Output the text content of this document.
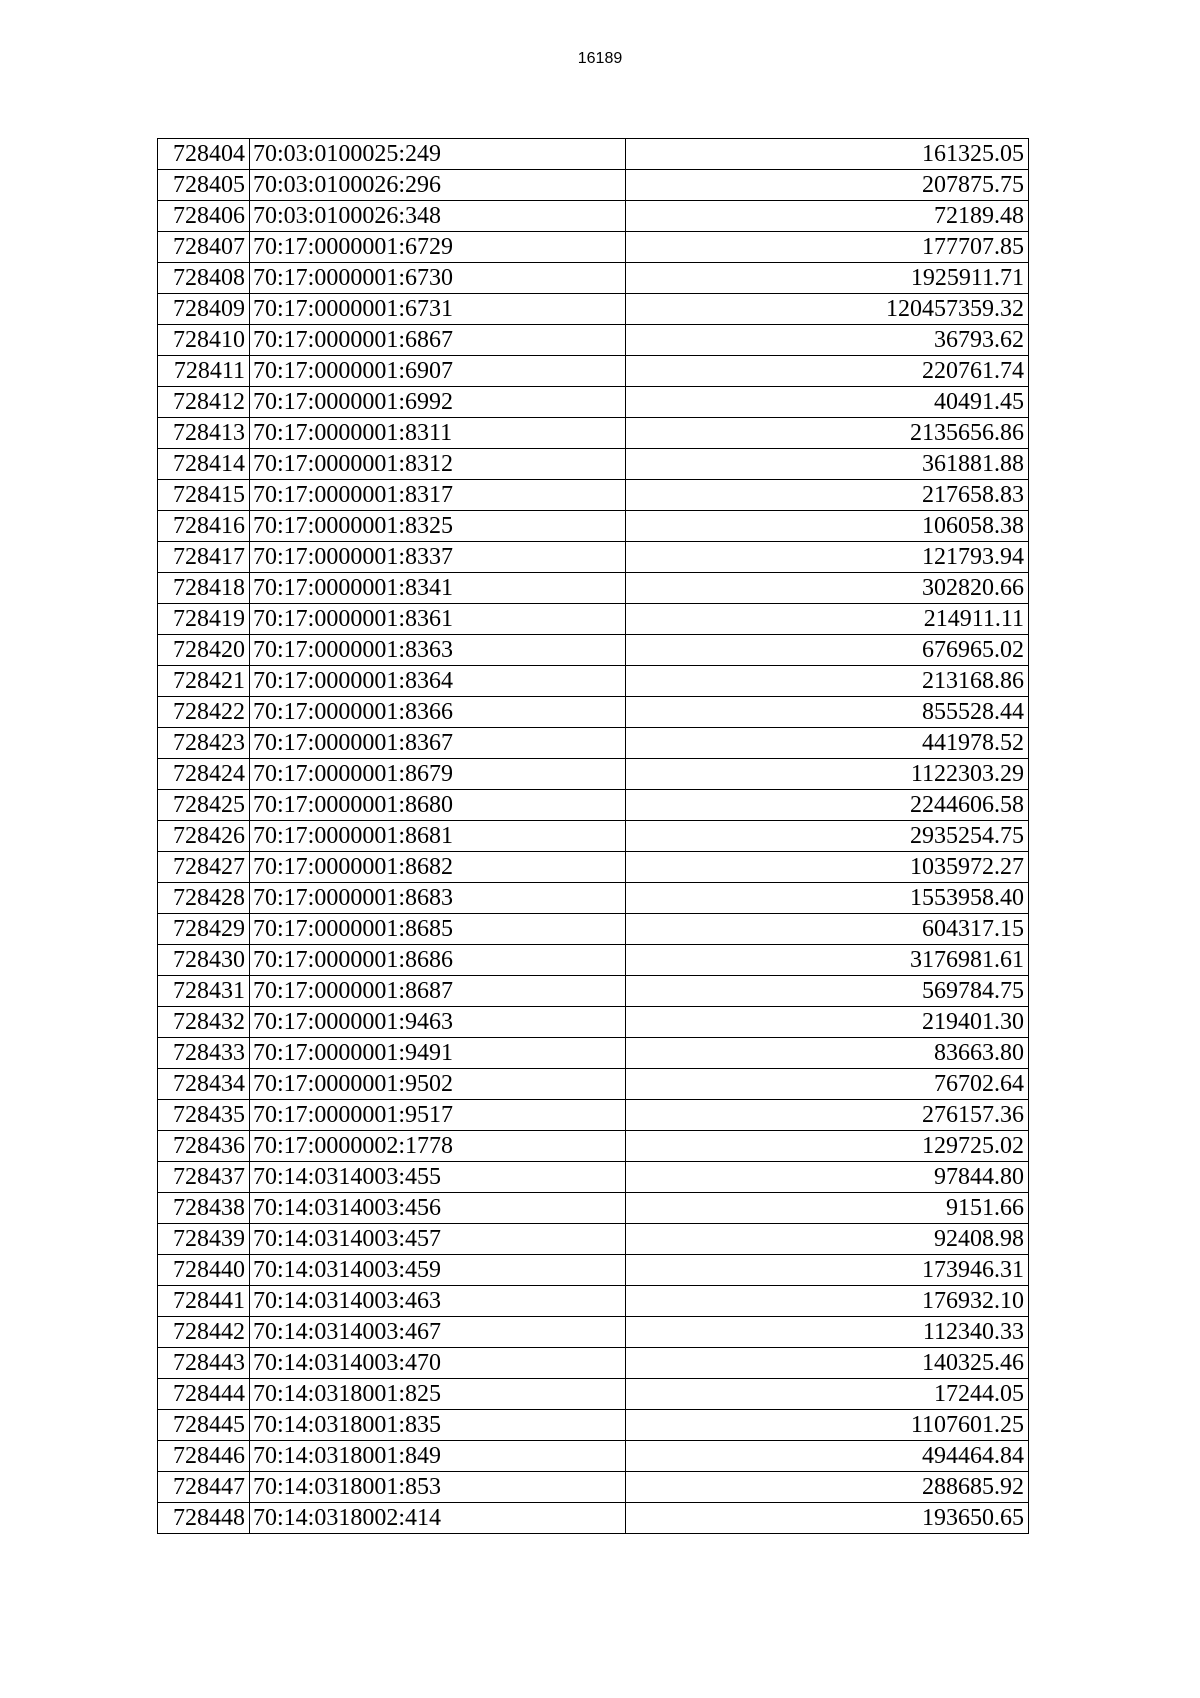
16189
728404	70:03:0100025:249	161325.05
728405	70:03:0100026:296	207875.75
728406	70:03:0100026:348	72189.48
728407	70:17:0000001:6729	177707.85
728408	70:17:0000001:6730	1925911.71
728409	70:17:0000001:6731	120457359.32
728410	70:17:0000001:6867	36793.62
728411	70:17:0000001:6907	220761.74
728412	70:17:0000001:6992	40491.45
728413	70:17:0000001:8311	2135656.86
728414	70:17:0000001:8312	361881.88
728415	70:17:0000001:8317	217658.83
728416	70:17:0000001:8325	106058.38
728417	70:17:0000001:8337	121793.94
728418	70:17:0000001:8341	302820.66
728419	70:17:0000001:8361	214911.11
728420	70:17:0000001:8363	676965.02
728421	70:17:0000001:8364	213168.86
728422	70:17:0000001:8366	855528.44
728423	70:17:0000001:8367	441978.52
728424	70:17:0000001:8679	1122303.29
728425	70:17:0000001:8680	2244606.58
728426	70:17:0000001:8681	2935254.75
728427	70:17:0000001:8682	1035972.27
728428	70:17:0000001:8683	1553958.40
728429	70:17:0000001:8685	604317.15
728430	70:17:0000001:8686	3176981.61
728431	70:17:0000001:8687	569784.75
728432	70:17:0000001:9463	219401.30
728433	70:17:0000001:9491	83663.80
728434	70:17:0000001:9502	76702.64
728435	70:17:0000001:9517	276157.36
728436	70:17:0000002:1778	129725.02
728437	70:14:0314003:455	97844.80
728438	70:14:0314003:456	9151.66
728439	70:14:0314003:457	92408.98
728440	70:14:0314003:459	173946.31
728441	70:14:0314003:463	176932.10
728442	70:14:0314003:467	112340.33
728443	70:14:0314003:470	140325.46
728444	70:14:0318001:825	17244.05
728445	70:14:0318001:835	1107601.25
728446	70:14:0318001:849	494464.84
728447	70:14:0318001:853	288685.92
728448	70:14:0318002:414	193650.65
